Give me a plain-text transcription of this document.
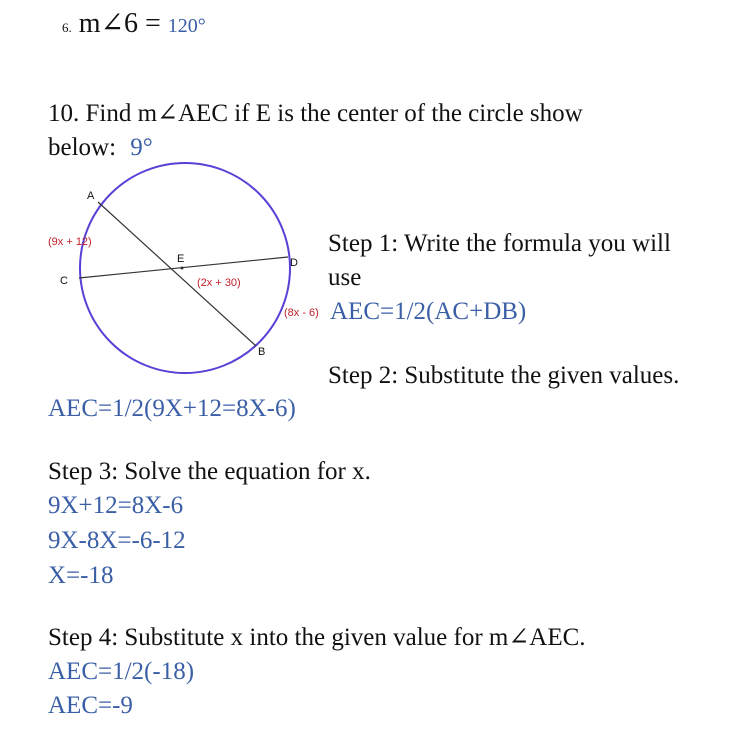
6. m∠6 = 120°
10. Find m∠AEC if E is the center of the circle show
below: 9°
A
C
E	D
B
(9x + 12)
(2x + 30)
(8x - 6)
Step 1: Write the formula you will
use
AEC=1/2(AC+DB)
Step 2: Substitute the given values.
AEC=1/2(9X+12=8X-6)
Step 3: Solve the equation for x.
9X+12=8X-6
9X-8X=-6-12
X=-18
Step 4: Substitute x into the given value for m∠AEC.
AEC=1/2(-18)
AEC=-9
